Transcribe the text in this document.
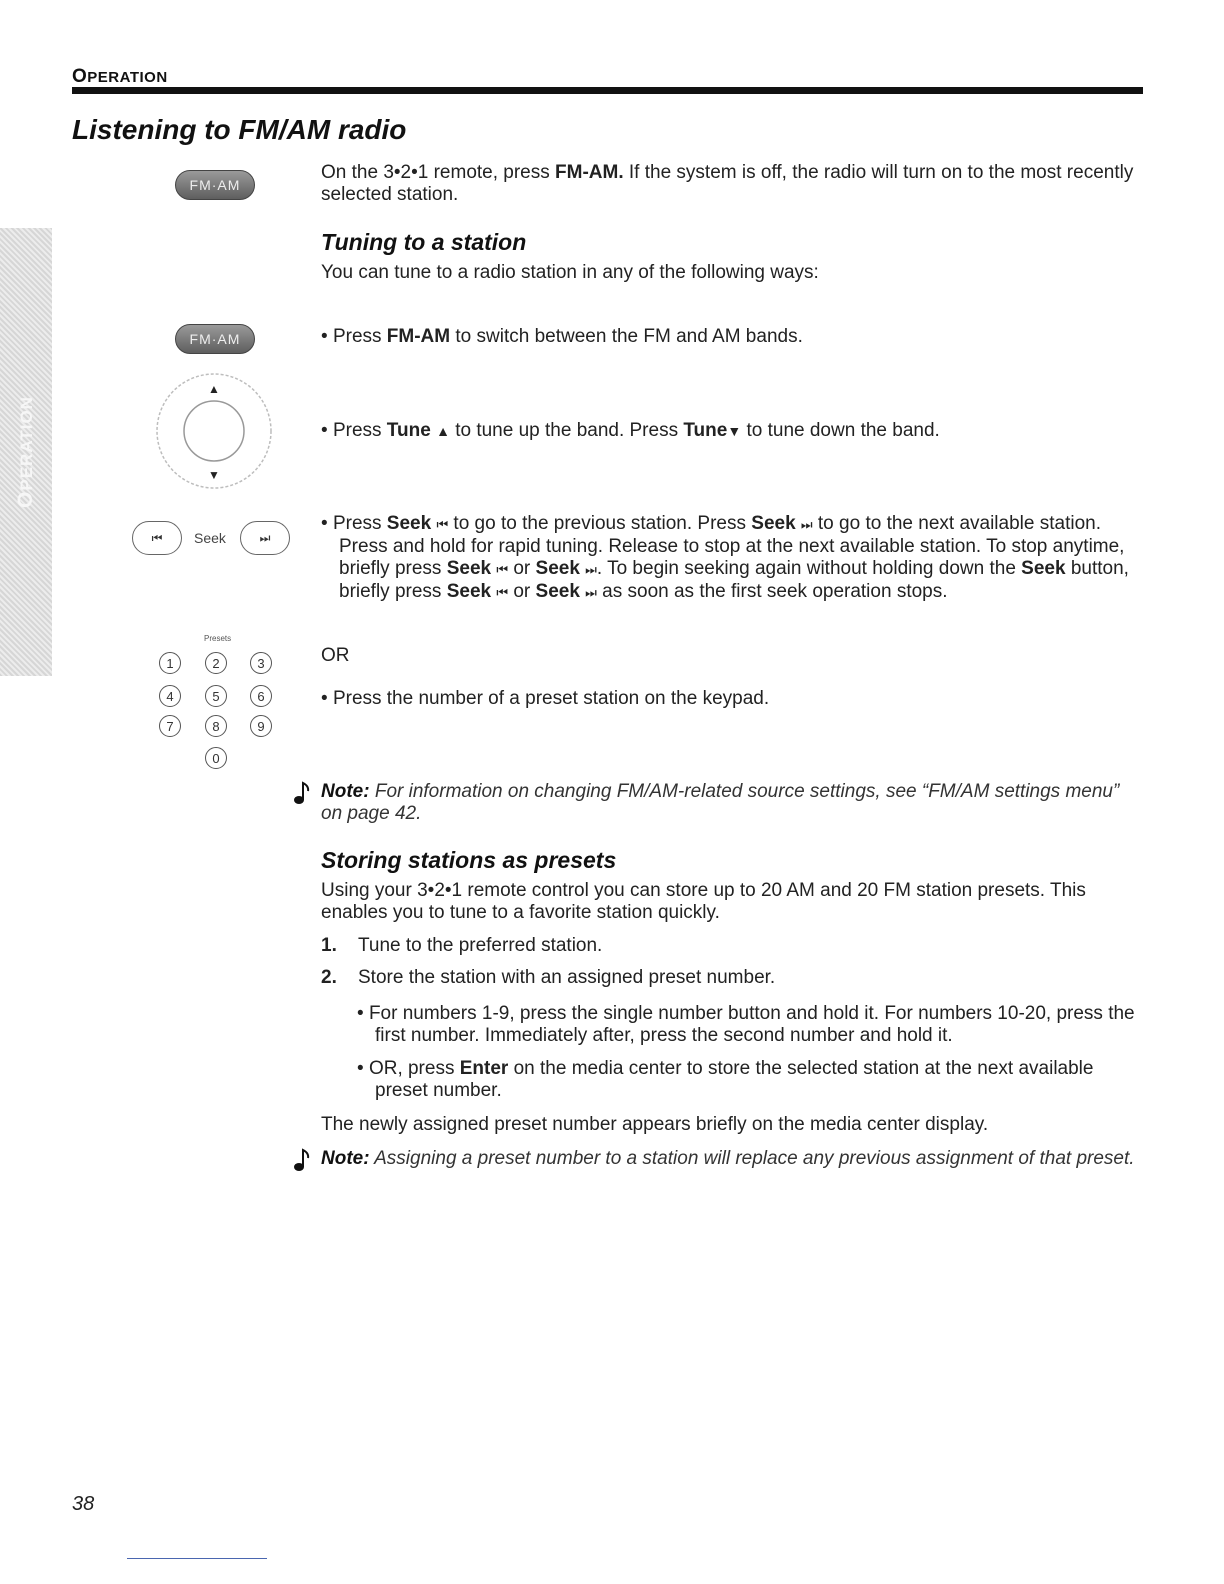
OPERATION
OPERATION
Listening to FM/AM radio
FM·AM
On the 3•2•1 remote, press FM-AM. If the system is off, the radio will turn on to the most recently selected station.
Tuning to a station
You can tune to a radio station in any of the following ways:
FM·AM	• Press FM-AM to switch between the FM and AM bands.
▲
▼
• Press Tune ▲ to tune up the band. Press Tune▼ to tune down the band.
⏮ Seek	⏭
• Press Seek ⏮ to go to the previous station. Press Seek ⏭ to go to the next available station. Press and hold for rapid tuning. Release to stop at the next available station. To stop anytime, briefly press Seek ⏮ or Seek ⏭. To begin seeking again without holding down the Seek button, briefly press Seek ⏮ or Seek ⏭ as soon as the first seek operation stops.
Presets
1	2	3
4	5	6
7	8	9
0
OR
• Press the number of a preset station on the keypad.
Note: For information on changing FM/AM-related source settings, see “FM/AM settings menu” on page 42.
Storing stations as presets
Using your 3•2•1 remote control you can store up to 20 AM and 20 FM station presets. This enables you to tune to a favorite station quickly.
1. Tune to the preferred station.
2. Store the station with an assigned preset number.
• For numbers 1-9, press the single number button and hold it. For numbers 10-20, press the first number. Immediately after, press the second number and hold it.
• OR, press Enter on the media center to store the selected station at the next available preset number.
The newly assigned preset number appears briefly on the media center display.
Note: Assigning a preset number to a station will replace any previous assignment of that preset.
38
